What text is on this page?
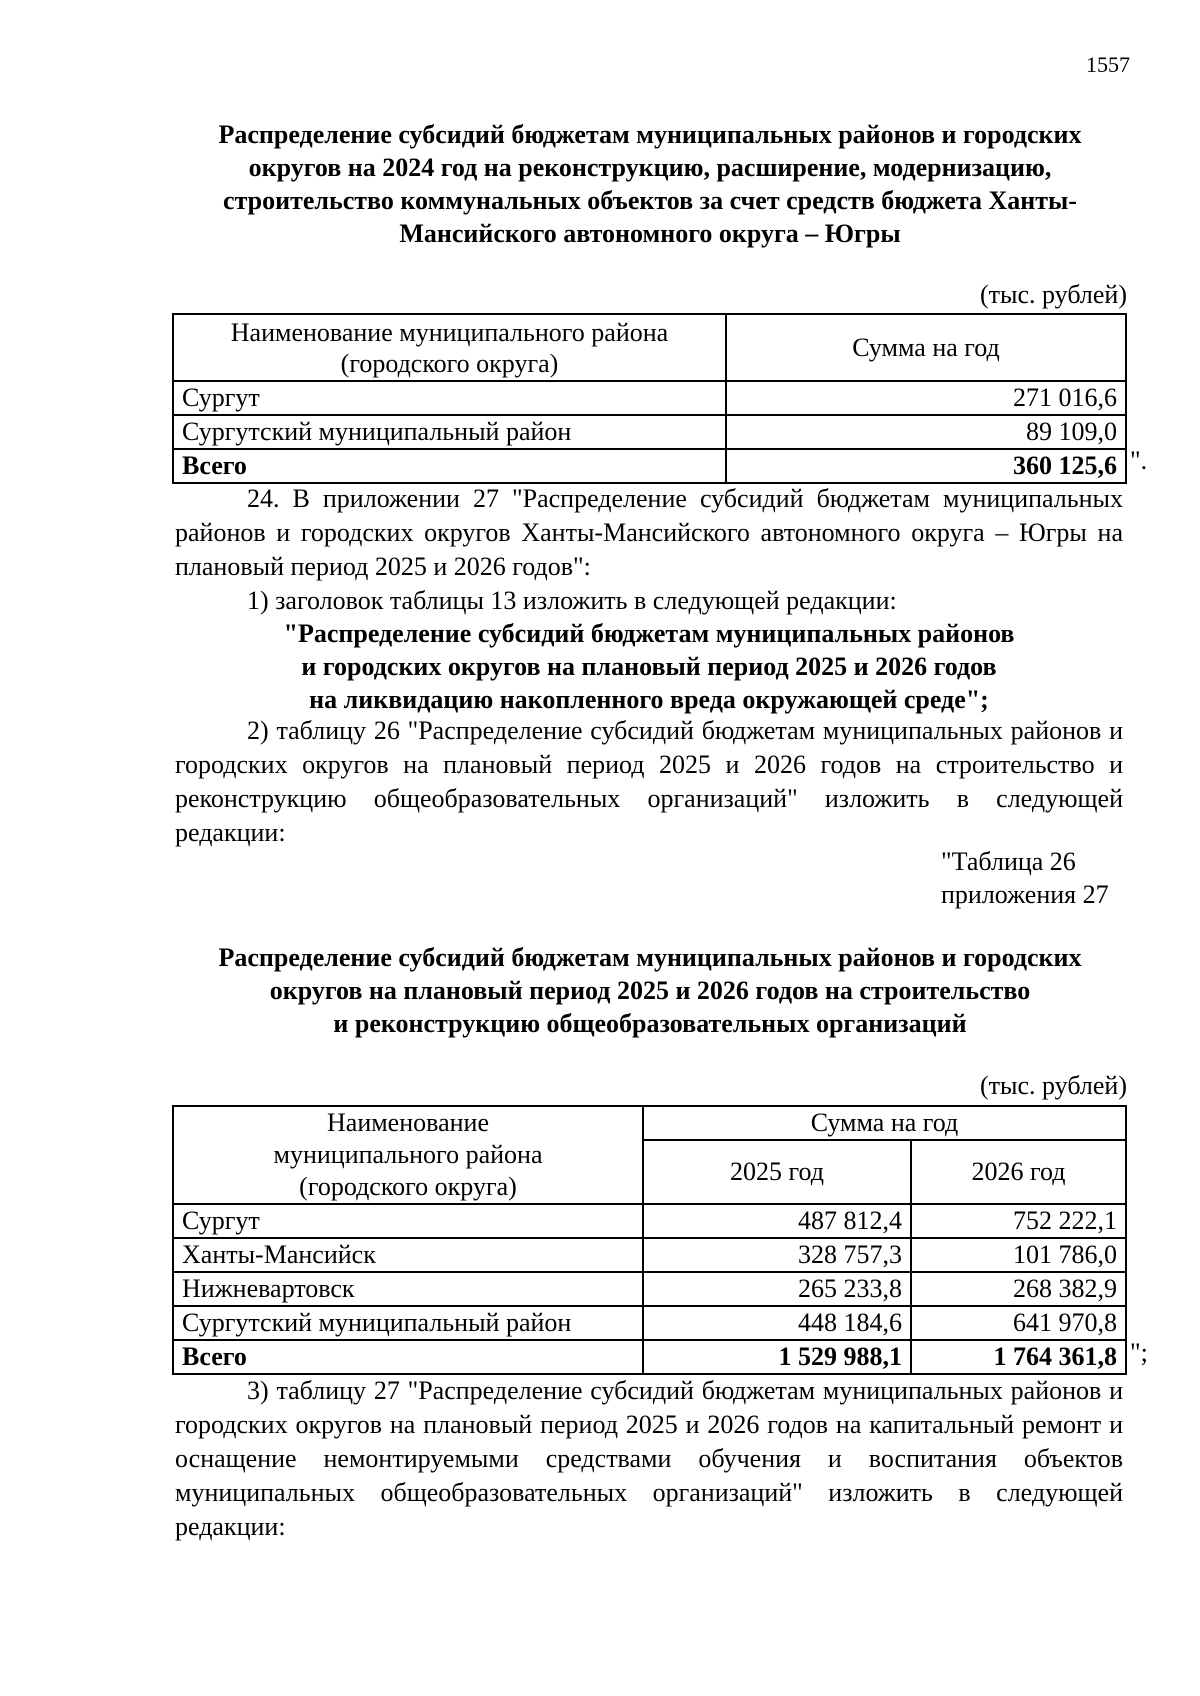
1557
Распределение субсидий бюджетам муниципальных районов и городских
округов на 2024 год на реконструкцию, расширение, модернизацию,
строительство коммунальных объектов за счет средств бюджета Ханты-
Мансийского автономного округа – Югры
(тыс. рублей)
Наименование муниципального района (городского округа)	Сумма на год
Сургут	271 016,6
Сургутский муниципальный район	89 109,0
Всего	360 125,6 ".
24. В приложении 27 "Распределение субсидий бюджетам муниципальных районов и городских округов Ханты-Мансийского автономного округа – Югры на плановый период 2025 и 2026 годов":
1) заголовок таблицы 13 изложить в следующей редакции:
"Распределение субсидий бюджетам муниципальных районов
и городских округов на плановый период 2025 и 2026 годов
на ликвидацию накопленного вреда окружающей среде";
2) таблицу 26 "Распределение субсидий бюджетам муниципальных районов и городских округов на плановый период 2025 и 2026 годов на строительство и реконструкцию общеобразовательных организаций" изложить в следующей редакции:
"Таблица 26
приложения 27
Распределение субсидий бюджетам муниципальных районов и городских
округов на плановый период 2025 и 2026 годов на строительство
и реконструкцию общеобразовательных организаций
(тыс. рублей)
Наименование муниципального района (городского округа)	Сумма на год	
	2025 год	2026 год
Сургут	487 812,4	752 222,1
Ханты-Мансийск	328 757,3	101 786,0
Нижневартовск	265 233,8	268 382,9
Сургутский муниципальный район	448 184,6	641 970,8
Всего	1 529 988,1	1 764 361,8 ";
3) таблицу 27 "Распределение субсидий бюджетам муниципальных районов и городских округов на плановый период 2025 и 2026 годов на капитальный ремонт и оснащение немонтируемыми средствами обучения и воспитания объектов муниципальных общеобразовательных организаций" изложить в следующей редакции:
